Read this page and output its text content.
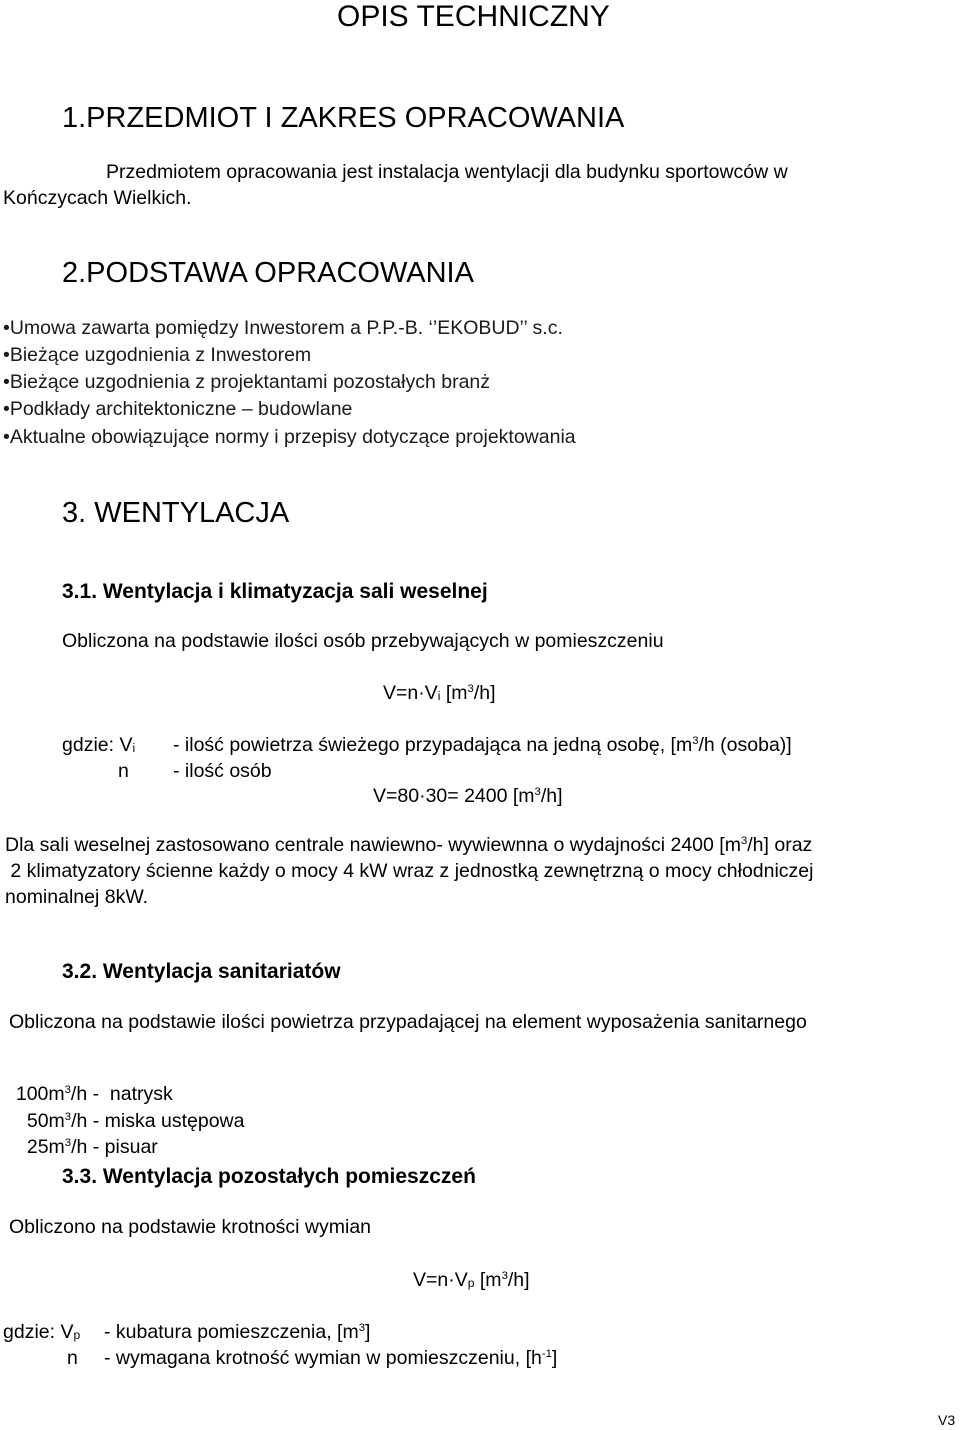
OPIS TECHNICZNY
1.PRZEDMIOT I ZAKRES OPRACOWANIA
Przedmiotem opracowania jest instalacja wentylacji dla budynku sportowców w
Kończycach Wielkich.
2.PODSTAWA OPRACOWANIA
• Umowa zawarta pomiędzy Inwestorem a P.P.-B. ‘’EKOBUD’’ s.c.
• Bieżące uzgodnienia z Inwestorem
• Bieżące uzgodnienia z projektantami pozostałych branż
• Podkłady architektoniczne – budowlane
• Aktualne obowiązujące normy i przepisy dotyczące projektowania
3. WENTYLACJA
3.1. Wentylacja i klimatyzacja sali weselnej
Obliczona na podstawie ilości osób przebywających w pomieszczeniu
$V=n\cdot V_i$ $[m^3/h]$
gdzie: $V_i$ - ilość powietrza świeżego przypadająca na jedną osobę, [$m^3/h$ (osoba)]
n - ilość osób
V=80·30= 2400 $[m^3/h]$
Dla sali weselnej zastosowano centrale nawiewno- wywiewnna o wydajności 2400 $[m^3/h]$ oraz
2 klimatyzatory ścienne każdy o mocy 4 kW wraz z jednostką zewnętrzną o mocy chłodniczej
nominalnej 8kW.
3.2. Wentylacja sanitariatów
Obliczona na podstawie ilości powietrza przypadającej na element wyposażenia sanitarnego

$100m^3/h$ -  natrysk

$50m^3/h$ - miska ustępowa

$25m^3/h$ - pisuar

3.3. Wentylacja pozostałych pomieszczeń
Obliczono na podstawie krotności wymian
$V=n\cdot V_p$ $[m^3/h]$
gdzie: $V_p$ - kubatura pomieszczenia, $[m^3]$
n - wymagana krotność wymian w pomieszczeniu, $[h^{-1}]$
V3
